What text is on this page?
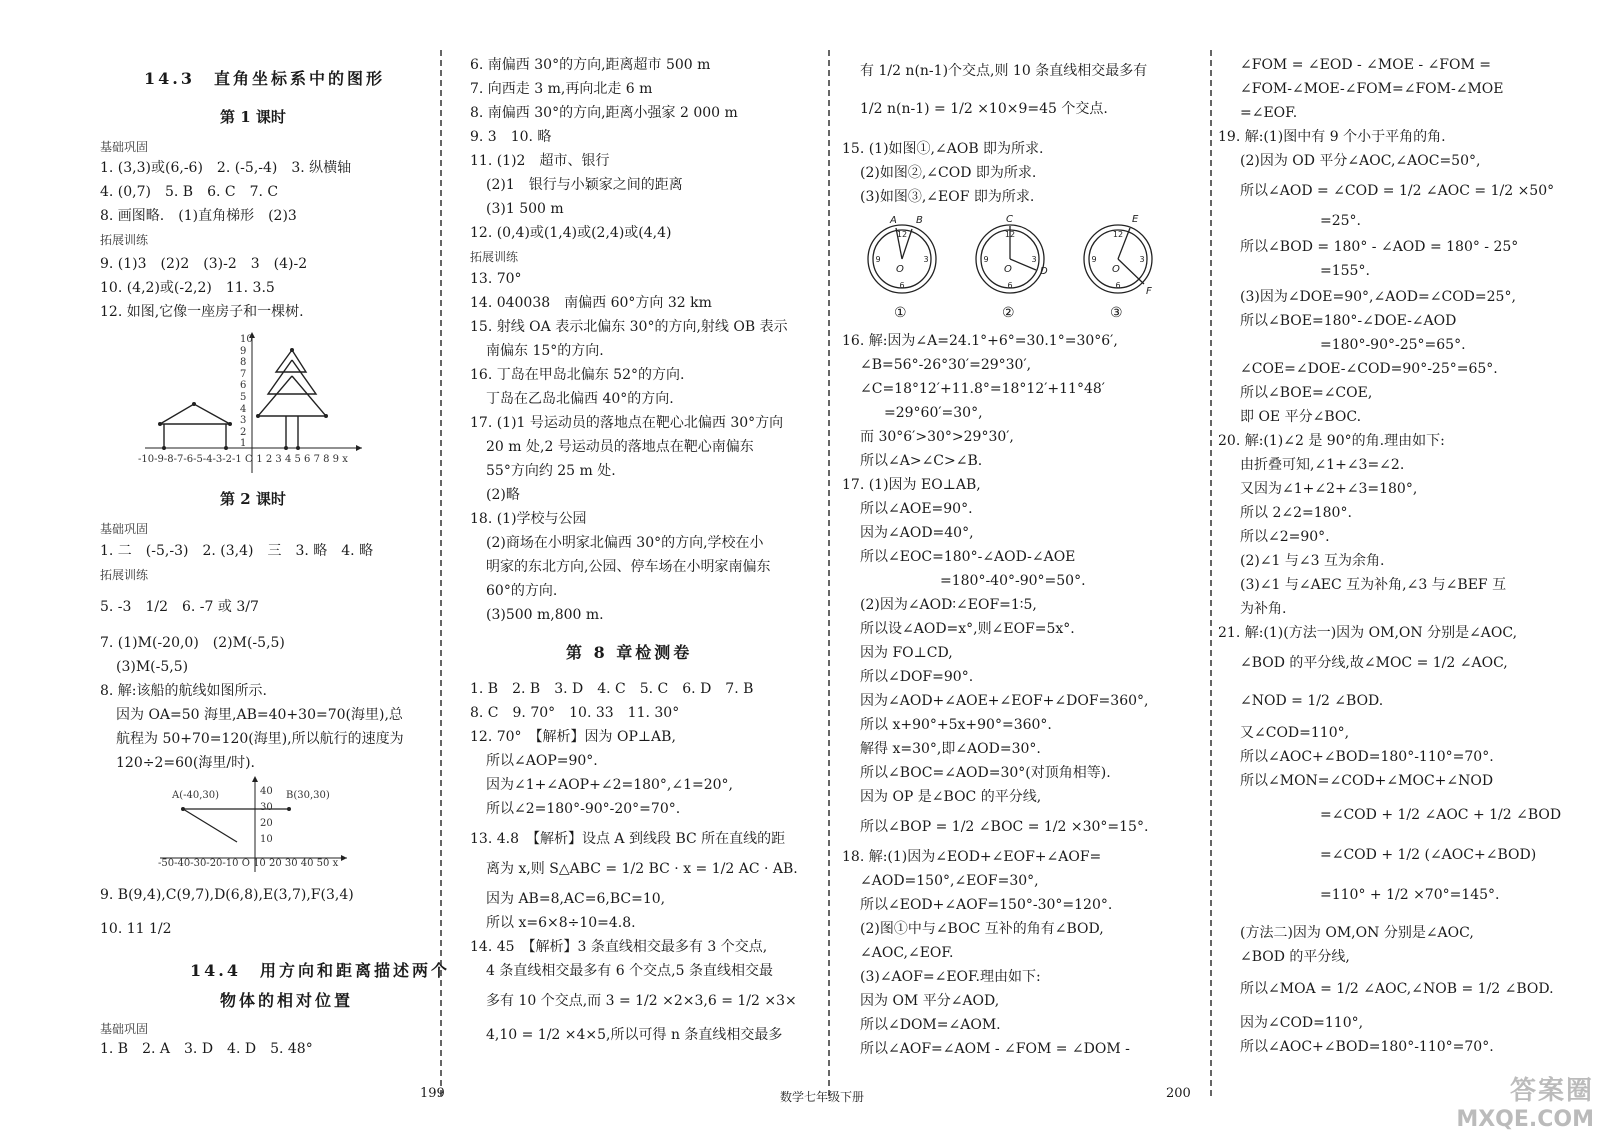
14.3　直角坐标系中的图形
第 1 课时
基础巩固
1. (3,3)或(6,-6)　2. (-5,-4)　3. 纵横轴
4. (0,7)　5. B　6. C　7. C
8. 画图略.　(1)直角梯形　(2)3
拓展训练
9. (1)3　(2)2　(3)-2　3　(4)-2
10. (4,2)或(-2,2)　11. 3.5
12. 如图,它像一座房子和一棵树.
-10-9-8-7-6-5-4-3-2-1 O 1 2 3 4 5 6 7 8 9 x
10
9
8
7
6
5
4
3
2
1
第 2 课时
基础巩固
1. 二　(-5,-3)　2. (3,4)　三　3. 略　4. 略
拓展训练
5. -3　1/2　6. -7 或 3/7
7. (1)M(-20,0)　(2)M(-5,5)
(3)M(-5,5)
8. 解:该船的航线如图所示.
因为 OA=50 海里,AB=40+30=70(海里),总
航程为 50+70=120(海里),所以航行的速度为
120÷2=60(海里/时).
A(-40,30)	B(30,30)
40
30
20
10
-50-40-30-20-10 O 10 20 30 40 50 x
9. B(9,4),C(9,7),D(6,8),E(3,7),F(3,4)
10. 11 1/2
14.4　用方向和距离描述两个
物体的相对位置
基础巩固
1. B　2. A　3. D　4. D　5. 48°
6. 南偏西 30°的方向,距离超市 500 m
7. 向西走 3 m,再向北走 6 m
8. 南偏西 30°的方向,距离小强家 2 000 m
9. 3　10. 略
11. (1)2　超市、银行
(2)1　银行与小颖家之间的距离
(3)1 500 m
12. (0,4)或(1,4)或(2,4)或(4,4)
拓展训练
13. 70°
14. 040038　南偏西 60°方向 32 km
15. 射线 OA 表示北偏东 30°的方向,射线 OB 表示
南偏东 15°的方向.
16. 丁岛在甲岛北偏东 52°的方向.
丁岛在乙岛北偏西 40°的方向.
17. (1)1 号运动员的落地点在靶心北偏西 30°方向
20 m 处,2 号运动员的落地点在靶心南偏东
55°方向约 25 m 处.
(2)略
18. (1)学校与公园
(2)商场在小明家北偏西 30°的方向,学校在小
明家的东北方向,公园、停车场在小明家南偏东
60°的方向.
(3)500 m,800 m.
第 8 章检测卷
1. B　2. B　3. D　4. C　5. C　6. D　7. B
8. C　9. 70°　10. 33　11. 30°
12. 70°　【解析】因为 OP⊥AB,
所以∠AOP=90°.
因为∠1+∠AOP+∠2=180°,∠1=20°,
所以∠2=180°-90°-20°=70°.
13. 4.8　【解析】设点 A 到线段 BC 所在直线的距
离为 x,则 S△ABC = 1/2 BC · x = 1/2 AC · AB.
因为 AB=8,AC=6,BC=10,
所以 x=6×8÷10=4.8.
14. 45　【解析】3 条直线相交最多有 3 个交点,
4 条直线相交最多有 6 个交点,5 条直线相交最
多有 10 个交点,而 3 = 1/2 ×2×3,6 = 1/2 ×3×
4,10 = 1/2 ×4×5,所以可得 n 条直线相交最多
有 1/2 n(n-1)个交点,则 10 条直线相交最多有
1/2 n(n-1) = 1/2 ×10×9=45 个交点.
15. (1)如图①,∠AOB 即为所求.
(2)如图②,∠COD 即为所求.
(3)如图③,∠EOF 即为所求.
12
6
9	3
12
6
9	3
12
6
9	3
A B	C
D
E
F
O	O	O
①	②	③
16. 解:因为∠A=24.1°+6°=30.1°=30°6′,
∠B=56°-26°30′=29°30′,
∠C=18°12′+11.8°=18°12′+11°48′
=29°60′=30°,
而 30°6′>30°>29°30′,
所以∠A>∠C>∠B.
17. (1)因为 EO⊥AB,
所以∠AOE=90°.
因为∠AOD=40°,
所以∠EOC=180°-∠AOD-∠AOE
=180°-40°-90°=50°.
(2)因为∠AOD∶∠EOF=1∶5,
所以设∠AOD=x°,则∠EOF=5x°.
因为 FO⊥CD,
所以∠DOF=90°.
因为∠AOD+∠AOE+∠EOF+∠DOF=360°,
所以 x+90°+5x+90°=360°.
解得 x=30°,即∠AOD=30°.
所以∠BOC=∠AOD=30°(对顶角相等).
因为 OP 是∠BOC 的平分线,
所以∠BOP = 1/2 ∠BOC = 1/2 ×30°=15°.
18. 解:(1)因为∠EOD+∠EOF+∠AOF=
∠AOD=150°,∠EOF=30°,
所以∠EOD+∠AOF=150°-30°=120°.
(2)图①中与∠BOC 互补的角有∠BOD,
∠AOC,∠EOF.
(3)∠AOF=∠EOF.理由如下:
因为 OM 平分∠AOD,
所以∠DOM=∠AOM.
所以∠AOF=∠AOM - ∠FOM = ∠DOM -
∠FOM = ∠EOD - ∠MOE - ∠FOM =
∠FOM-∠MOE-∠FOM=∠FOM-∠MOE
=∠EOF.
19. 解:(1)图中有 9 个小于平角的角.
(2)因为 OD 平分∠AOC,∠AOC=50°,
所以∠AOD = ∠COD = 1/2 ∠AOC = 1/2 ×50°
=25°.
所以∠BOD = 180° - ∠AOD = 180° - 25°
=155°.
(3)因为∠DOE=90°,∠AOD=∠COD=25°,
所以∠BOE=180°-∠DOE-∠AOD
=180°-90°-25°=65°.
∠COE=∠DOE-∠COD=90°-25°=65°.
所以∠BOE=∠COE,
即 OE 平分∠BOC.
20. 解:(1)∠2 是 90°的角.理由如下:
由折叠可知,∠1+∠3=∠2.
又因为∠1+∠2+∠3=180°,
所以 2∠2=180°.
所以∠2=90°.
(2)∠1 与∠3 互为余角.
(3)∠1 与∠AEC 互为补角,∠3 与∠BEF 互
为补角.
21. 解:(1)(方法一)因为 OM,ON 分别是∠AOC,
∠BOD 的平分线,故∠MOC = 1/2 ∠AOC,
∠NOD = 1/2 ∠BOD.
又∠COD=110°,
所以∠AOC+∠BOD=180°-110°=70°.
所以∠MON=∠COD+∠MOC+∠NOD
=∠COD + 1/2 ∠AOC + 1/2 ∠BOD
=∠COD + 1/2 (∠AOC+∠BOD)
=110° + 1/2 ×70°=145°.
(方法二)因为 OM,ON 分别是∠AOC,
∠BOD 的平分线,
所以∠MOA = 1/2 ∠AOC,∠NOB = 1/2 ∠BOD.
因为∠COD=110°,
所以∠AOC+∠BOD=180°-110°=70°.
199	数学七年级下册	200	答案圈
MXQE.COM
